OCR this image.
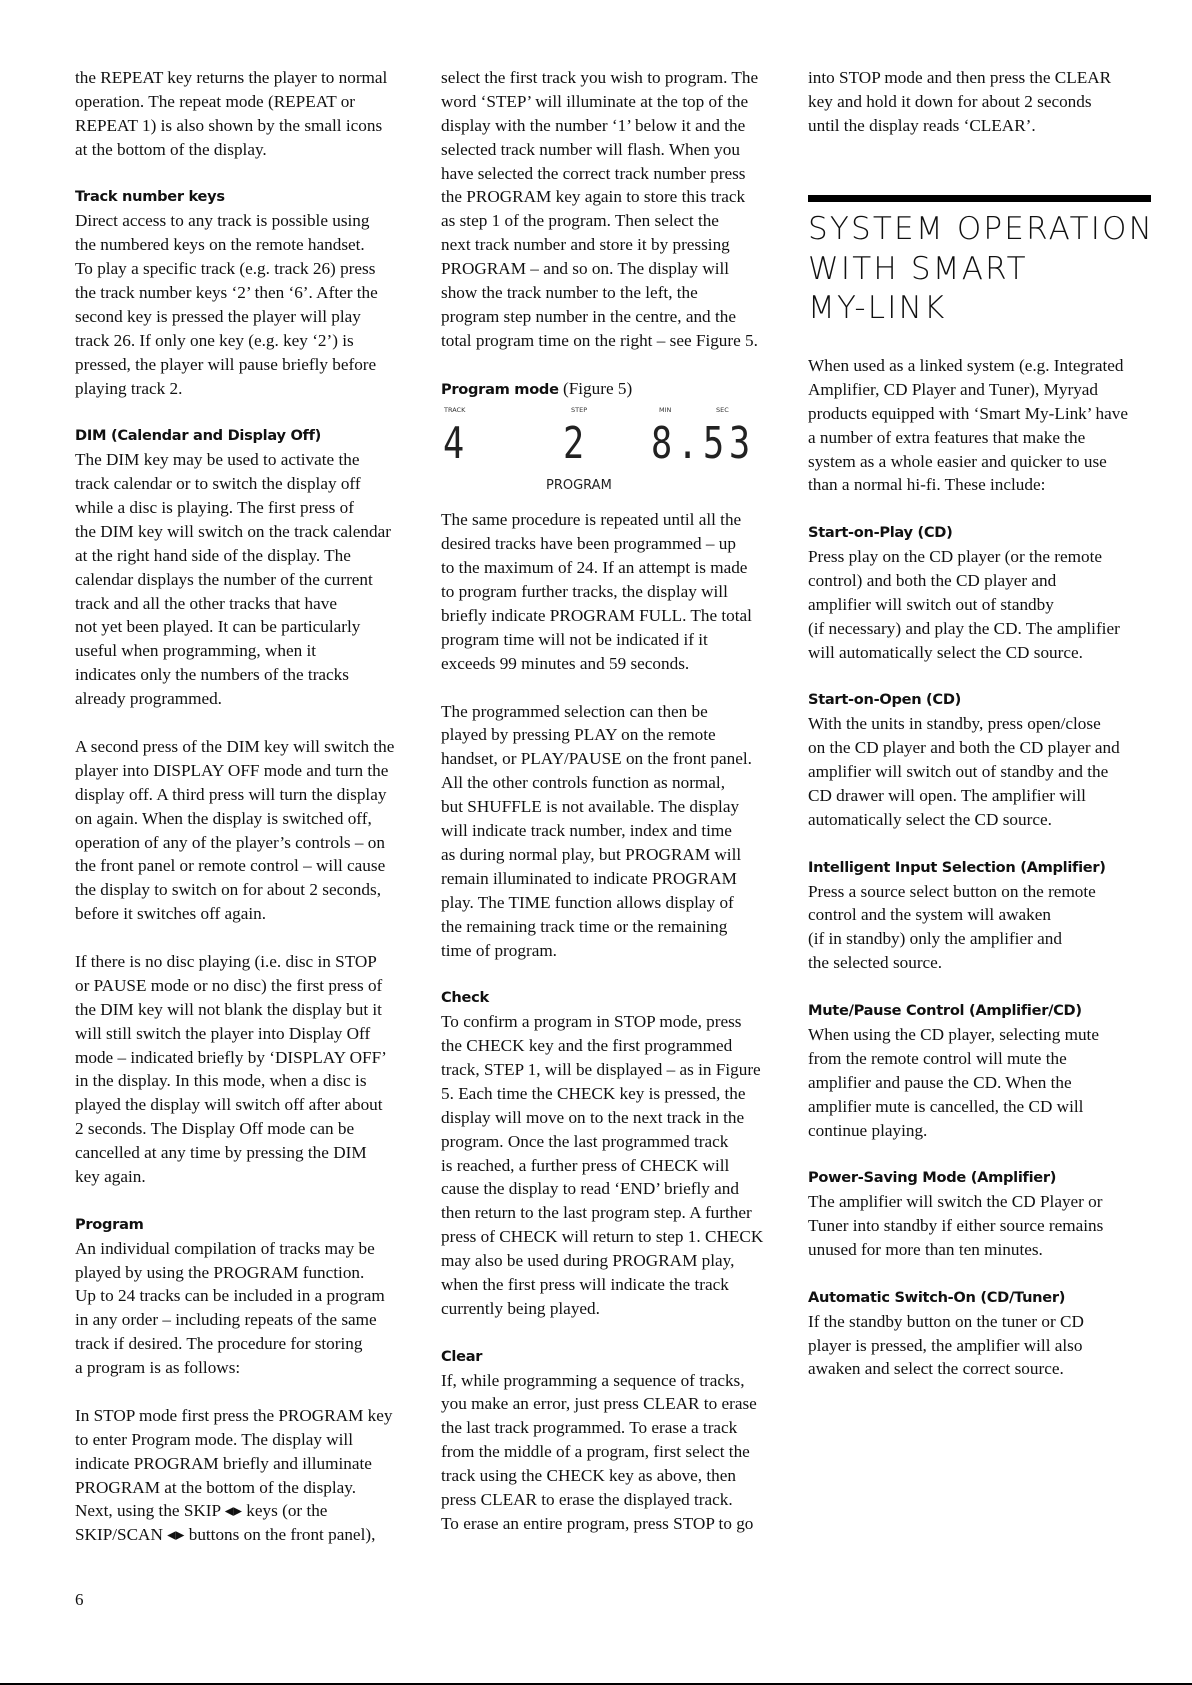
the REPEAT key returns the player to normal
operation. The repeat mode (REPEAT or
REPEAT 1) is also shown by the small icons
at the bottom of the display.
Track number keys
Direct access to any track is possible using
the numbered keys on the remote handset.
To play a specific track (e.g. track 26) press
the track number keys ‘2’ then ‘6’. After the
second key is pressed the player will play
track 26. If only one key (e.g. key ‘2’) is
pressed, the player will pause briefly before
playing track 2.
DIM (Calendar and Display Off)
The DIM key may be used to activate the
track calendar or to switch the display off
while a disc is playing. The first press of
the DIM key will switch on the track calendar
at the right hand side of the display. The
calendar displays the number of the current
track and all the other tracks that have
not yet been played. It can be particularly
useful when programming, when it
indicates only the numbers of the tracks
already programmed.
A second press of the DIM key will switch the
player into DISPLAY OFF mode and turn the
display off. A third press will turn the display
on again. When the display is switched off,
operation of any of the player’s controls – on
the front panel or remote control – will cause
the display to switch on for about 2 seconds,
before it switches off again.
If there is no disc playing (i.e. disc in STOP
or PAUSE mode or no disc) the first press of
the DIM key will not blank the display but it
will still switch the player into Display Off
mode – indicated briefly by ‘DISPLAY OFF’
in the display. In this mode, when a disc is
played the display will switch off after about
2 seconds. The Display Off mode can be
cancelled at any time by pressing the DIM
key again.
Program
An individual compilation of tracks may be
played by using the PROGRAM function.
Up to 24 tracks can be included in a program
in any order – including repeats of the same
track if desired. The procedure for storing
a program is as follows:
In STOP mode first press the PROGRAM key
to enter Program mode. The display will
indicate PROGRAM briefly and illuminate
PROGRAM at the bottom of the display.
Next, using the SKIP ◂▸ keys (or the
SKIP/SCAN ◂▸ buttons on the front panel),
select the first track you wish to program. The
word ‘STEP’ will illuminate at the top of the
display with the number ‘1’ below it and the
selected track number will flash. When you
have selected the correct track number press
the PROGRAM key again to store this track
as step 1 of the program. Then select the
next track number and store it by pressing
PROGRAM – and so on. The display will
show the track number to the left, the
program step number in the centre, and the
total program time on the right – see Figure 5.
Program mode (Figure 5)
TRACK	STEP	MIN	SEC
4 2 8.53
PROGRAM
The same procedure is repeated until all the
desired tracks have been programmed – up
to the maximum of 24. If an attempt is made
to program further tracks, the display will
briefly indicate PROGRAM FULL. The total
program time will not be indicated if it
exceeds 99 minutes and 59 seconds.
The programmed selection can then be
played by pressing PLAY on the remote
handset, or PLAY/PAUSE on the front panel.
All the other controls function as normal,
but SHUFFLE is not available. The display
will indicate track number, index and time
as during normal play, but PROGRAM will
remain illuminated to indicate PROGRAM
play. The TIME function allows display of
the remaining track time or the remaining
time of program.
Check
To confirm a program in STOP mode, press
the CHECK key and the first programmed
track, STEP 1, will be displayed – as in Figure
5. Each time the CHECK key is pressed, the
display will move on to the next track in the
program. Once the last programmed track
is reached, a further press of CHECK will
cause the display to read ‘END’ briefly and
then return to the last program step. A further
press of CHECK will return to step 1. CHECK
may also be used during PROGRAM play,
when the first press will indicate the track
currently being played.
Clear
If, while programming a sequence of tracks,
you make an error, just press CLEAR to erase
the last track programmed. To erase a track
from the middle of a program, first select the
track using the CHECK key as above, then
press CLEAR to erase the displayed track.
To erase an entire program, press STOP to go
into STOP mode and then press the CLEAR
key and hold it down for about 2 seconds
until the display reads ‘CLEAR’.
SYSTEM OPERATION
WITH SMART
MY-LINK
When used as a linked system (e.g. Integrated
Amplifier, CD Player and Tuner), Myryad
products equipped with ‘Smart My-Link’ have
a number of extra features that make the
system as a whole easier and quicker to use
than a normal hi-fi. These include:
Start-on-Play (CD)
Press play on the CD player (or the remote
control) and both the CD player and
amplifier will switch out of standby
(if necessary) and play the CD. The amplifier
will automatically select the CD source.
Start-on-Open (CD)
With the units in standby, press open/close
on the CD player and both the CD player and
amplifier will switch out of standby and the
CD drawer will open. The amplifier will
automatically select the CD source.
Intelligent Input Selection (Amplifier)
Press a source select button on the remote
control and the system will awaken
(if in standby) only the amplifier and
the selected source.
Mute/Pause Control (Amplifier/CD)
When using the CD player, selecting mute
from the remote control will mute the
amplifier and pause the CD. When the
amplifier mute is cancelled, the CD will
continue playing.
Power-Saving Mode (Amplifier)
The amplifier will switch the CD Player or
Tuner into standby if either source remains
unused for more than ten minutes.
Automatic Switch-On (CD/Tuner)
If the standby button on the tuner or CD
player is pressed, the amplifier will also
awaken and select the correct source.
6
